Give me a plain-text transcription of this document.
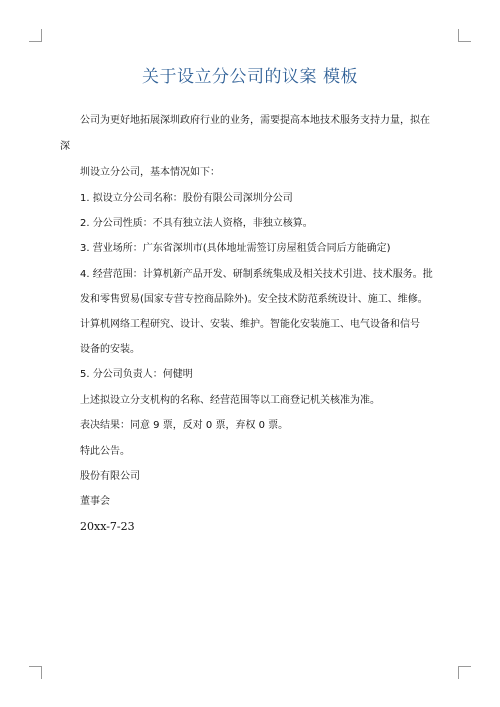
关于设立分公司的议案 模板
公司为更好地拓展深圳政府行业的业务，需要提高本地技术服务支持力量，拟在
深
圳设立分公司，基本情况如下：
1. 拟设立分公司名称：股份有限公司深圳分公司
2. 分公司性质：不具有独立法人资格，非独立核算。
3. 营业场所：广东省深圳市(具体地址需签订房屋租赁合同后方能确定)
4. 经营范围：计算机新产品开发、研制系统集成及相关技术引进、技术服务。批
发和零售贸易(国家专营专控商品除外)。安全技术防范系统设计、施工、维修。
计算机网络工程研究、设计、安装、维护。智能化安装施工、电气设备和信号
设备的安装。
5. 分公司负责人：何健明
上述拟设立分支机构的名称、经营范围等以工商登记机关核准为准。
表决结果：同意 9 票，反对 0 票，弃权 0 票。
特此公告。
股份有限公司
董事会
20xx-7-23
